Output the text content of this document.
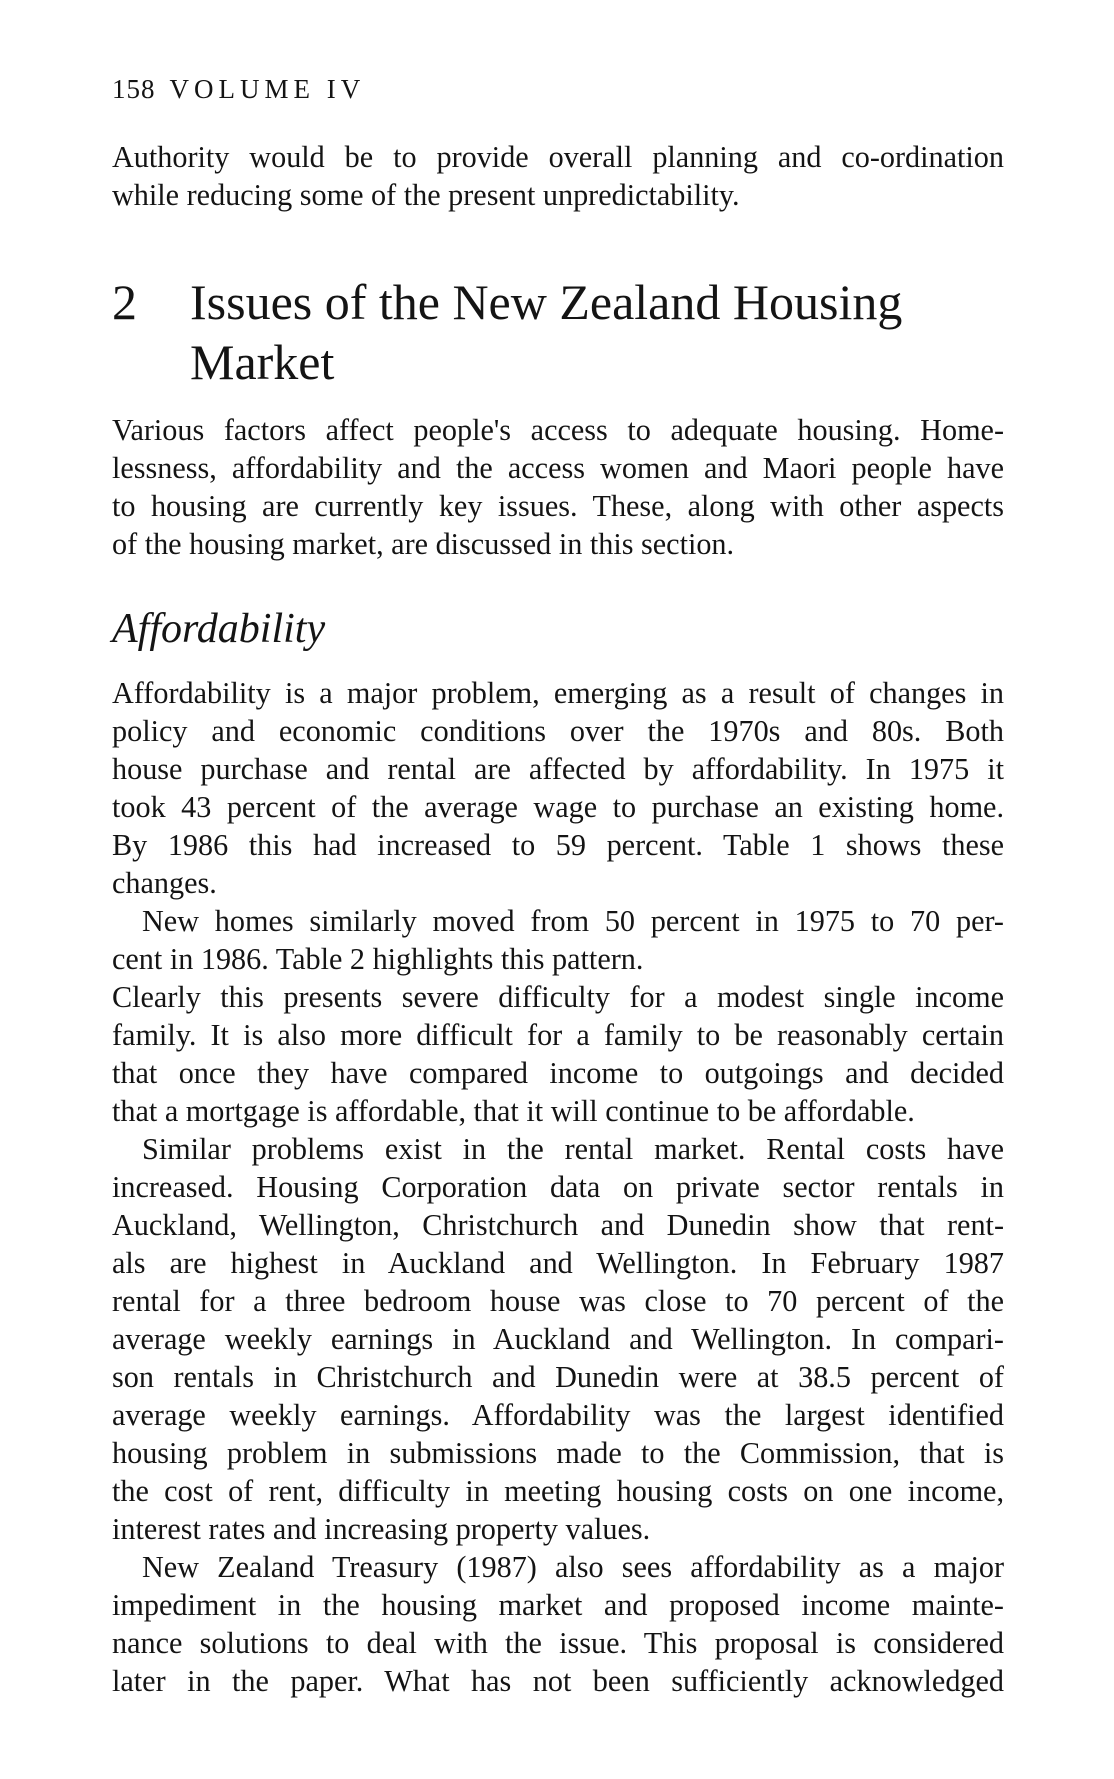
158 VOLUME IV
Authority would be to provide overall planning and co-ordination
while reducing some of the present unpredictability.
2 Issues of the New Zealand Housing
Market
Various factors affect people's access to adequate housing. Home-
lessness, affordability and the access women and Maori people have
to housing are currently key issues. These, along with other aspects
of the housing market, are discussed in this section.
Affordability
Affordability is a major problem, emerging as a result of changes in
policy and economic conditions over the 1970s and 80s. Both
house purchase and rental are affected by affordability. In 1975 it
took 43 percent of the average wage to purchase an existing home.
By 1986 this had increased to 59 percent. Table 1 shows these
changes.
New homes similarly moved from 50 percent in 1975 to 70 per-
cent in 1986. Table 2 highlights this pattern.
Clearly this presents severe difficulty for a modest single income
family. It is also more difficult for a family to be reasonably certain
that once they have compared income to outgoings and decided
that a mortgage is affordable, that it will continue to be affordable.
Similar problems exist in the rental market. Rental costs have
increased. Housing Corporation data on private sector rentals in
Auckland, Wellington, Christchurch and Dunedin show that rent-
als are highest in Auckland and Wellington. In February 1987
rental for a three bedroom house was close to 70 percent of the
average weekly earnings in Auckland and Wellington. In compari-
son rentals in Christchurch and Dunedin were at 38.5 percent of
average weekly earnings. Affordability was the largest identified
housing problem in submissions made to the Commission, that is
the cost of rent, difficulty in meeting housing costs on one income,
interest rates and increasing property values.
New Zealand Treasury (1987) also sees affordability as a major
impediment in the housing market and proposed income mainte-
nance solutions to deal with the issue. This proposal is considered
later in the paper. What has not been sufficiently acknowledged
